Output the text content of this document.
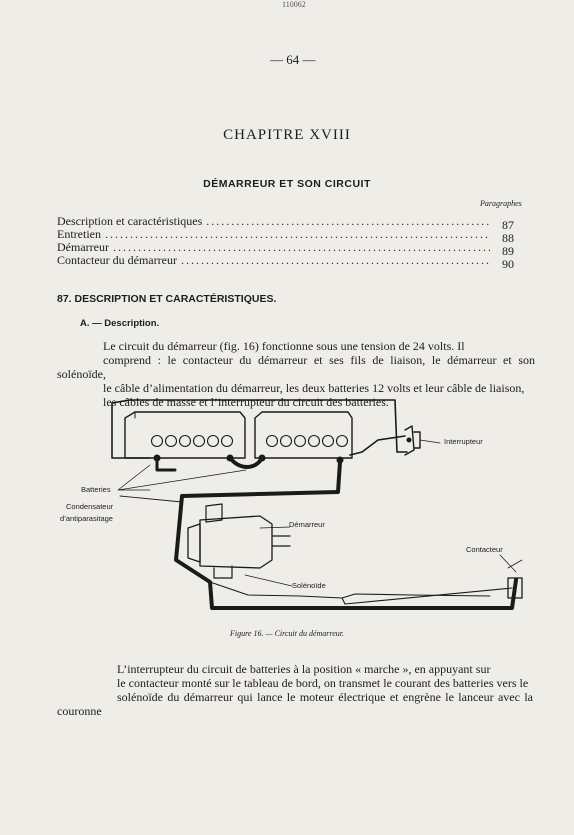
110062
— 64 —
CHAPITRE XVIII
DÉMARREUR ET SON CIRCUIT
Paragraphes
Description et caractéristiques .....	87
Entretien .....	88
Démarreur .....	89
Contacteur du démarreur .....	90
87. DESCRIPTION ET CARACTÉRISTIQUES.
A. — Description.
Le circuit du démarreur (fig. 16) fonctionne sous une tension de 24 volts. Il
comprend : le contacteur du démarreur et ses fils de liaison, le démarreur et son solénoïde,
le câble d’alimentation du démarreur, les deux batteries 12 volts et leur câble de liaison,
les câbles de masse et l’interrupteur du circuit des batteries.
Interrupteur
Batteries
Condensateur
d’antiparasitage
Démarreur
Contacteur
Solénoïde
Figure 16. — Circuit du démarreur.
L’interrupteur du circuit de batteries à la position « marche », en appuyant sur
le contacteur monté sur le tableau de bord, on transmet le courant des batteries vers le
solénoïde du démarreur qui lance le moteur électrique et engrène le lanceur avec la couronne
